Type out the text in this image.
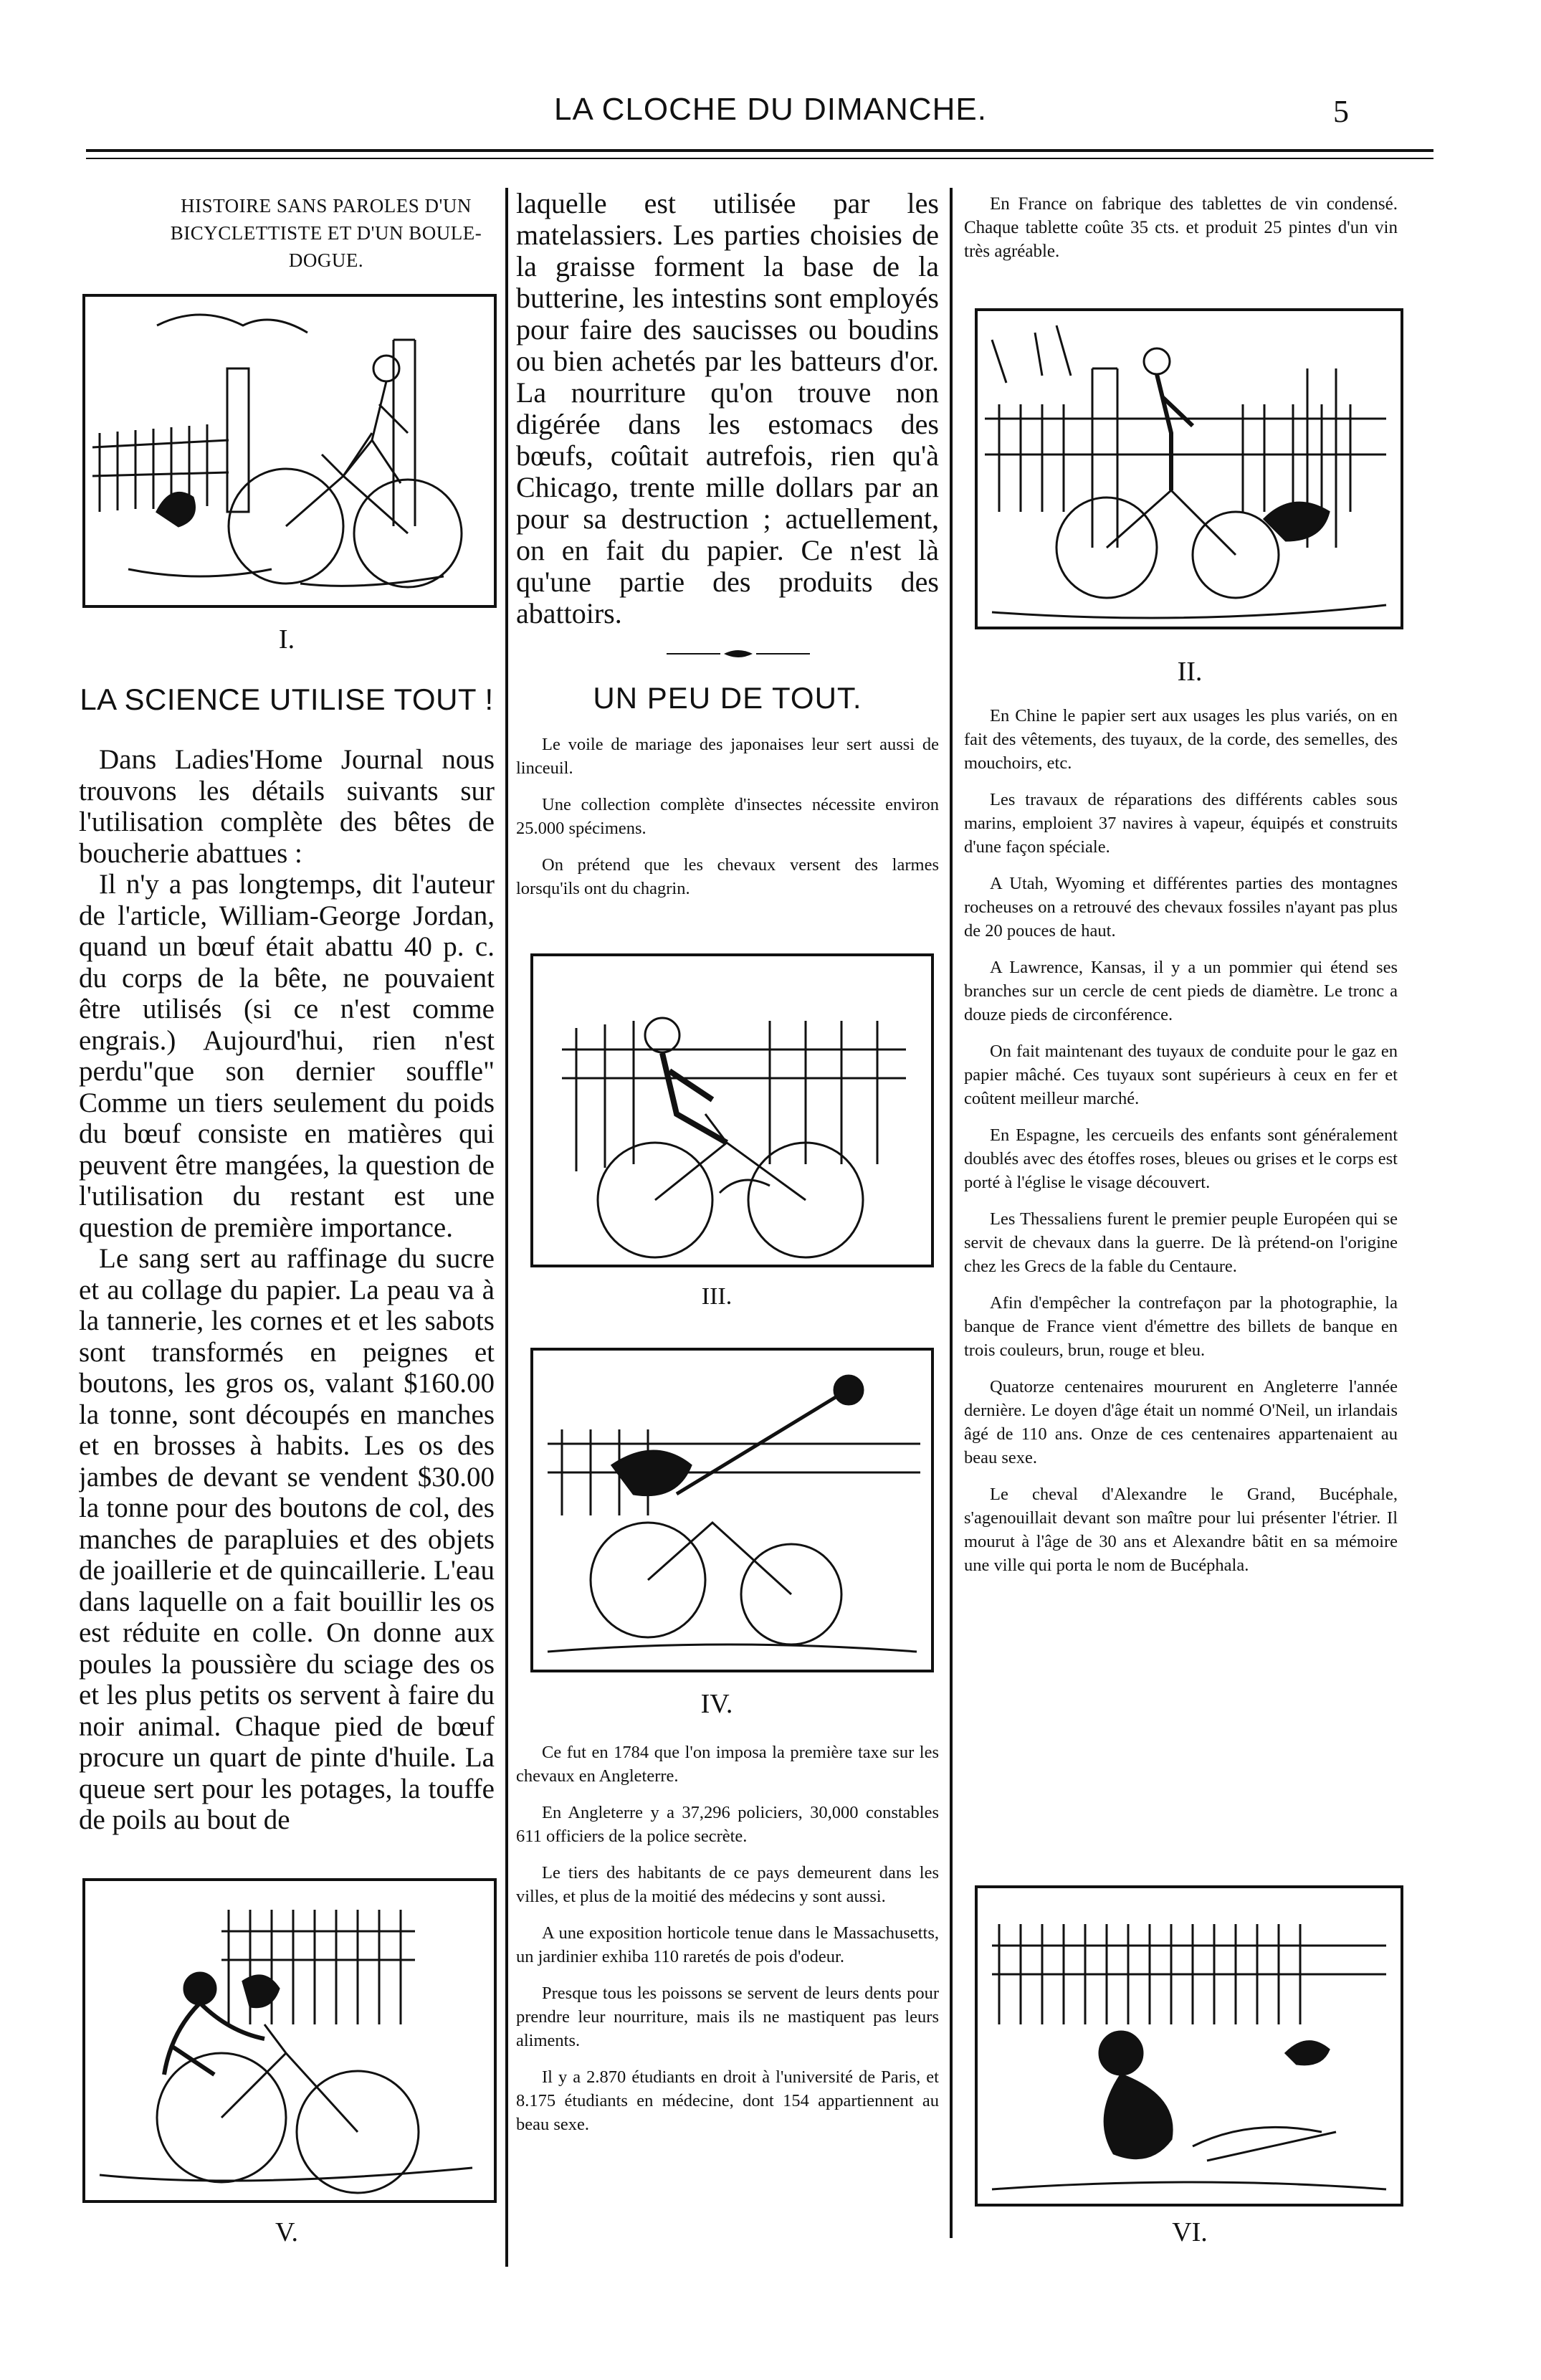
LA CLOCHE DU DIMANCHE.	5
HISTOIRE SANS PAROLES D'UN BICYCLETTISTE ET D'UN BOULE-DOGUE.
I.
LA SCIENCE UTILISE TOUT !

Dans Ladies'Home Journal nous trouvons les détails suivants sur l'utilisation complète des bêtes de boucherie abattues :

Il n'y a pas longtemps, dit l'auteur de l'article, William-George Jordan, quand un bœuf était abattu 40 p. c. du corps de la bête, ne pouvaient être utilisés (si ce n'est comme engrais.) Aujourd'hui, rien n'est perdu"que son dernier souffle" Comme un tiers seulement du poids du bœuf consiste en matières qui peuvent être mangées, la question de l'utilisation du restant est une question de première importance.

Le sang sert au raffinage du sucre et au collage du papier. La peau va à la tannerie, les cornes et et les sabots sont transformés en peignes et boutons, les gros os, valant $160.00 la tonne, sont découpés en manches et en brosses à habits. Les os des jambes de devant se vendent $30.00 la tonne pour des boutons de col, des manches de parapluies et des objets de joaillerie et de quincaillerie. L'eau dans laquelle on a fait bouillir les os est réduite en colle. On donne aux poules la poussière du sciage des os et les plus petits os servent à faire du noir animal. Chaque pied de bœuf procure un quart de pinte d'huile. La queue sert pour les potages, la touffe de poils au bout de

V.

laquelle est utilisée par les matelassiers. Les parties choisies de la graisse forment la base de la butterine, les intestins sont employés pour faire des saucisses ou boudins ou bien achetés par les batteurs d'or. La nourriture qu'on trouve non digérée dans les estomacs des bœufs, coûtait autrefois, rien qu'à Chicago, trente mille dollars par an pour sa destruction ; actuellement, on en fait du papier. Ce n'est là qu'une partie des produits des abattoirs.

UN PEU DE TOUT.

Le voile de mariage des japonaises leur sert aussi de linceuil.

Une collection complète d'insectes nécessite environ 25.000 spécimens.

On prétend que les chevaux versent des larmes lorsqu'ils ont du chagrin.

III.
IV.

Ce fut en 1784 que l'on imposa la première taxe sur les chevaux en Angleterre.

En Angleterre y a 37,296 policiers, 30,000 constables 611 officiers de la police secrète.

Le tiers des habitants de ce pays demeurent dans les villes, et plus de la moitié des médecins y sont aussi.

A une exposition horticole tenue dans le Massachusetts, un jardinier exhiba 110 raretés de pois d'odeur.

Presque tous les poissons se servent de leurs dents pour prendre leur nourriture, mais ils ne mastiquent pas leurs aliments.

Il y a 2.870 étudiants en droit à l'université de Paris, et 8.175 étudiants en médecine, dont 154 appartiennent au beau sexe.

En France on fabrique des tablettes de vin condensé. Chaque tablette coûte 35 cts. et produit 25 pintes d'un vin très agréable.

II.

En Chine le papier sert aux usages les plus variés, on en fait des vêtements, des tuyaux, de la corde, des semelles, des mouchoirs, etc.

Les travaux de réparations des différents cables sous marins, emploient 37 navires à vapeur, équipés et construits d'une façon spéciale.

A Utah, Wyoming et différentes parties des montagnes rocheuses on a retrouvé des chevaux fossiles n'ayant pas plus de 20 pouces de haut.

A Lawrence, Kansas, il y a un pommier qui étend ses branches sur un cercle de cent pieds de diamètre. Le tronc a douze pieds de circonférence.

On fait maintenant des tuyaux de conduite pour le gaz en papier mâché. Ces tuyaux sont supérieurs à ceux en fer et coûtent meilleur marché.

En Espagne, les cercueils des enfants sont généralement doublés avec des étoffes roses, bleues ou grises et le corps est porté à l'église le visage découvert.

Les Thessaliens furent le premier peuple Européen qui se servit de chevaux dans la guerre. De là prétend-on l'origine chez les Grecs de la fable du Centaure.

Afin d'empêcher la contrefaçon par la photographie, la banque de France vient d'émettre des billets de banque en trois couleurs, brun, rouge et bleu.

Quatorze centenaires moururent en Angleterre l'année dernière. Le doyen d'âge était un nommé O'Neil, un irlandais âgé de 110 ans. Onze de ces centenaires appartenaient au beau sexe.

Le cheval d'Alexandre le Grand, Bucéphale, s'agenouillait devant son maître pour lui présenter l'étrier. Il mourut à l'âge de 30 ans et Alexandre bâtit en sa mémoire une ville qui porta le nom de Bucéphala.

VI.
